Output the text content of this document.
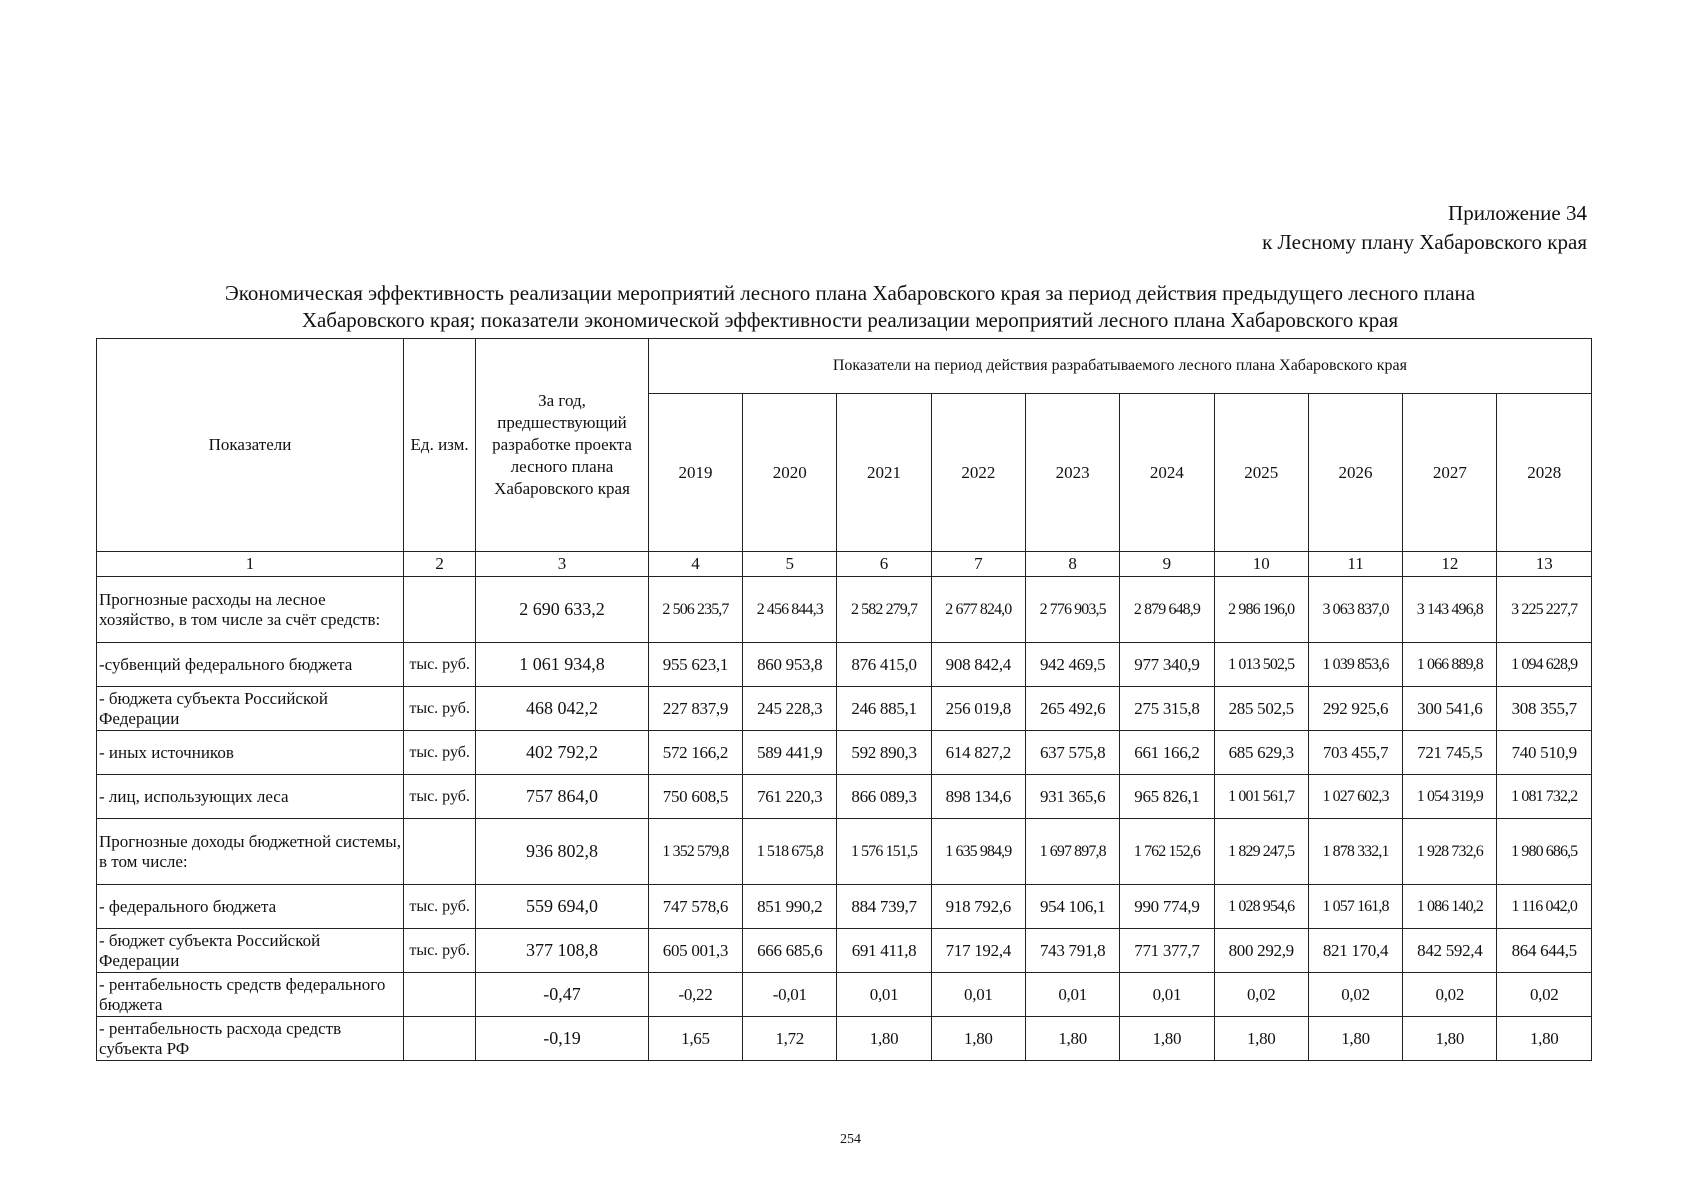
Приложение 34
к Лесному плану Хабаровского края
Экономическая эффективность реализации мероприятий лесного плана Хабаровского края за период действия предыдущего лесного плана
Хабаровского края; показатели экономической эффективности реализации мероприятий лесного плана Хабаровского края
Показатели	Ед. изм.	За год, предшествующий разработке проекта лесного плана Хабаровского края	Показатели на период действия разрабатываемого лесного плана Хабаровского края									
			2019	2020	2021	2022	2023	2024	2025	2026	2027	2028
1	2	3	4	5	6	7	8	9	10	11	12	13
Прогнозные расходы на лесное хозяйство, в том числе за счёт средств:		2 690 633,2	2 506 235,7	2 456 844,3	2 582 279,7	2 677 824,0	2 776 903,5	2 879 648,9	2 986 196,0	3 063 837,0	3 143 496,8	3 225 227,7
-субвенций федерального бюджета	тыс. руб.	1 061 934,8	955 623,1	860 953,8	876 415,0	908 842,4	942 469,5	977 340,9	1 013 502,5	1 039 853,6	1 066 889,8	1 094 628,9
- бюджета субъекта Российской Федерации	тыс. руб.	468 042,2	227 837,9	245 228,3	246 885,1	256 019,8	265 492,6	275 315,8	285 502,5	292 925,6	300 541,6	308 355,7
- иных источников	тыс. руб.	402 792,2	572 166,2	589 441,9	592 890,3	614 827,2	637 575,8	661 166,2	685 629,3	703 455,7	721 745,5	740 510,9
- лиц, использующих леса	тыс. руб.	757 864,0	750 608,5	761 220,3	866 089,3	898 134,6	931 365,6	965 826,1	1 001 561,7	1 027 602,3	1 054 319,9	1 081 732,2
Прогнозные доходы бюджетной системы, в том числе:		936 802,8	1 352 579,8	1 518 675,8	1 576 151,5	1 635 984,9	1 697 897,8	1 762 152,6	1 829 247,5	1 878 332,1	1 928 732,6	1 980 686,5
- федерального бюджета	тыс. руб.	559 694,0	747 578,6	851 990,2	884 739,7	918 792,6	954 106,1	990 774,9	1 028 954,6	1 057 161,8	1 086 140,2	1 116 042,0
- бюджет субъекта Российской Федерации	тыс. руб.	377 108,8	605 001,3	666 685,6	691 411,8	717 192,4	743 791,8	771 377,7	800 292,9	821 170,4	842 592,4	864 644,5
- рентабельность средств федерального бюджета		-0,47	-0,22	-0,01	0,01	0,01	0,01	0,01	0,02	0,02	0,02	0,02
- рентабельность расхода средств субъекта РФ		-0,19	1,65	1,72	1,80	1,80	1,80	1,80	1,80	1,80	1,80	1,80
254
